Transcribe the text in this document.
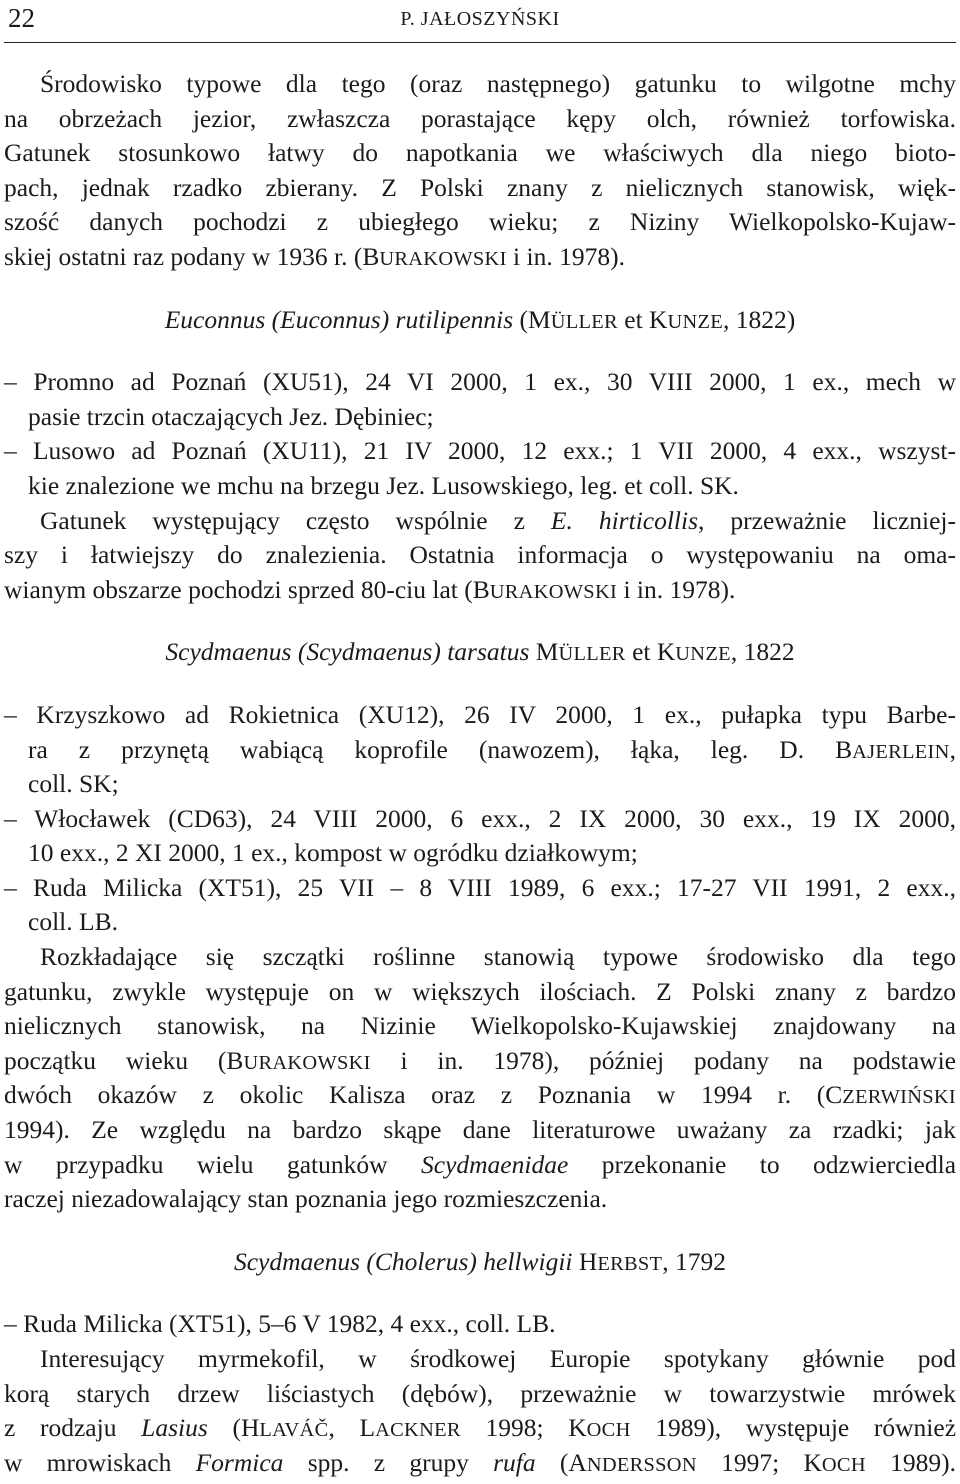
22	P. JAŁOSZYŃSKI
Środowisko typowe dla tego (oraz następnego) gatunku to wilgotne mchy
na obrzeżach jezior, zwłaszcza porastające kępy olch, również torfowiska.
Gatunek stosunkowo łatwy do napotkania we właściwych dla niego bioto-
pach, jednak rzadko zbierany. Z Polski znany z nielicznych stanowisk, więk-
szość danych pochodzi z ubiegłego wieku; z Niziny Wielkopolsko-Kujaw-
skiej ostatni raz podany w 1936 r. (BURAKOWSKI i in. 1978).
Euconnus (Euconnus) rutilipennis (MÜLLER et KUNZE, 1822)
– Promno ad Poznań (XU51), 24 VI 2000, 1 ex., 30 VIII 2000, 1 ex., mech w
pasie trzcin otaczających Jez. Dębiniec;
– Lusowo ad Poznań (XU11), 21 IV 2000, 12 exx.; 1 VII 2000, 4 exx., wszyst-
kie znalezione we mchu na brzegu Jez. Lusowskiego, leg. et coll. SK.
Gatunek występujący często wspólnie z E. hirticollis, przeważnie liczniej-
szy i łatwiejszy do znalezienia. Ostatnia informacja o występowaniu na oma-
wianym obszarze pochodzi sprzed 80-ciu lat (BURAKOWSKI i in. 1978).
Scydmaenus (Scydmaenus) tarsatus MÜLLER et KUNZE, 1822
– Krzyszkowo ad Rokietnica (XU12), 26 IV 2000, 1 ex., pułapka typu Barbe-
ra z przynętą wabiącą koprofile (nawozem), łąka, leg. D. BAJERLEIN,
coll. SK;
– Włocławek (CD63), 24 VIII 2000, 6 exx., 2 IX 2000, 30 exx., 19 IX 2000,
10 exx., 2 XI 2000, 1 ex., kompost w ogródku działkowym;
– Ruda Milicka (XT51), 25 VII – 8 VIII 1989, 6 exx.; 17-27 VII 1991, 2 exx.,
coll. LB.
Rozkładające się szczątki roślinne stanowią typowe środowisko dla tego
gatunku, zwykle występuje on w większych ilościach. Z Polski znany z bardzo
nielicznych stanowisk, na Nizinie Wielkopolsko-Kujawskiej znajdowany na
początku wieku (BURAKOWSKI i in. 1978), później podany na podstawie
dwóch okazów z okolic Kalisza oraz z Poznania w 1994 r. (CZERWIŃSKI
1994). Ze względu na bardzo skąpe dane literaturowe uważany za rzadki; jak
w przypadku wielu gatunków Scydmaenidae przekonanie to odzwierciedla
raczej niezadowalający stan poznania jego rozmieszczenia.
Scydmaenus (Cholerus) hellwigii HERBST, 1792
– Ruda Milicka (XT51), 5–6 V 1982, 4 exx., coll. LB.
Interesujący myrmekofil, w środkowej Europie spotykany głównie pod
korą starych drzew liściastych (dębów), przeważnie w towarzystwie mrówek
z rodzaju Lasius (HLAVÁČ, LACKNER 1998; KOCH 1989), występuje również
w mrowiskach Formica spp. z grupy rufa (ANDERSSON 1997; KOCH 1989).
